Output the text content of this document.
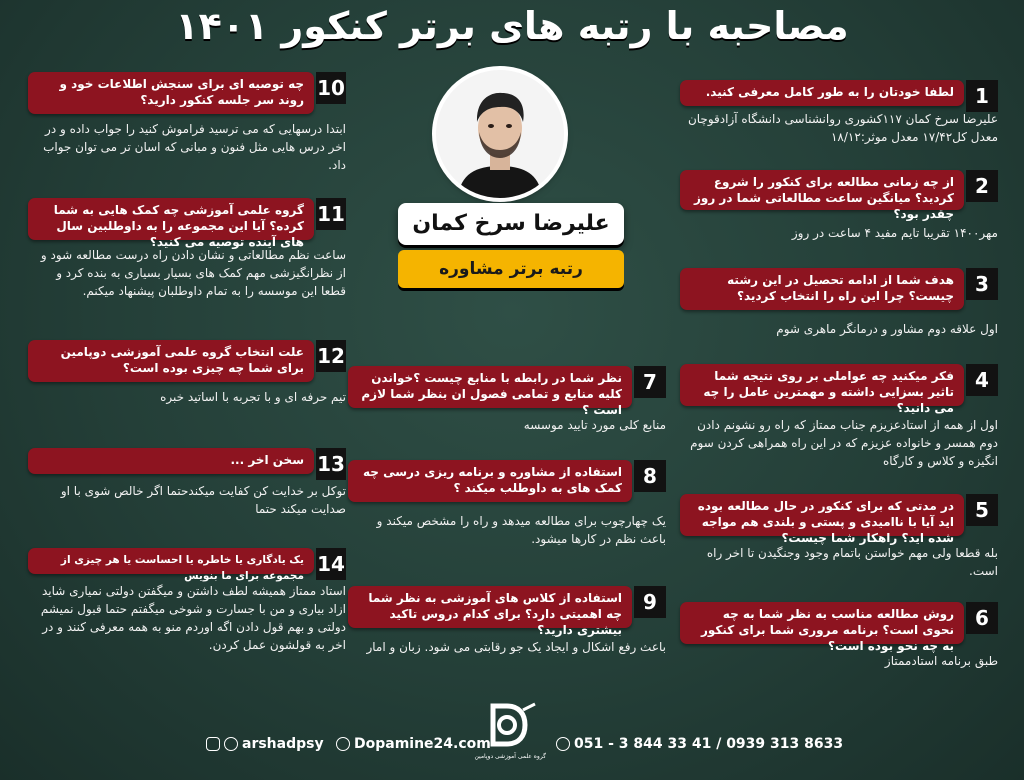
مصاحبه با رتبه های برتر کنکور ۱۴۰۱
1
لطفا خودتان را به طور کامل معرفی کنید.
علیرضا سرخ کمان ۱۱۷کشوری روانشناسی دانشگاه آزادقوچان معدل کل۱۷/۴۲ معدل موثر:۱۸/۱۲
2
از چه زمانی مطالعه برای کنکور را شروع کردید؟ میانگین ساعت مطالعاتی شما در روز چقدر بود؟
مهر۱۴۰۰ تقریبا تایم مفید ۴ ساعت در روز
3
هدف شما از ادامه تحصیل در این رشته چیست؟ چرا این راه را انتخاب کردید؟
اول علاقه دوم مشاور و درمانگر ماهری شوم
4
فکر میکنید چه عواملی بر روی نتیجه شما تاثیر بسزایی داشته و مهمترین عامل را چه می دانید؟
اول از همه از استادعزیزم جناب ممتاز که راه رو نشونم دادن دوم همسر و خانواده عزیزم که در این راه همراهی کردن سوم انگیزه و کلاس و کارگاه
5
در مدتی که برای کنکور در حال مطالعه بوده اید آیا با ناامیدی و پستی و بلندی هم مواجه شده اید؟ راهکار شما چیست؟
بله قطعا ولی مهم خواستن باتمام وجود وجنگیدن تا اخر راه است.
6
روش مطالعه مناسب به نظر شما به چه نحوی است؟ برنامه مروری شما برای کنکور به چه نحو بوده است؟
طبق برنامه استادممتاز
علیرضا سرخ کمان
رتبه برتر مشاوره
7
نظر شما در رابطه با منابع چیست ؟خواندن کلیه منابع و تمامی فصول ان بنظر شما لازم است ؟
منابع کلی مورد تایید موسسه
8
استفاده از مشاوره و برنامه ریزی درسی چه کمک های به داوطلب میکند ؟
یک چهارچوب برای مطالعه میدهد و راه را مشخص میکند و باعث نظم در کارها میشود.
9
استفاده از کلاس های آموزشی به نظر شما چه اهمیتی دارد؟ برای کدام دروس تاکید بیشتری دارید؟
باعث رفع اشکال و ایجاد یک جو رقابتی می شود. زبان و امار
10
چه توصیه ای برای سنجش اطلاعات خود و روند سر جلسه کنکور دارید؟
ابتدا درسهایی که می ترسید فراموش کنید را جواب داده و در اخر درس هایی مثل فنون و مبانی که اسان تر می توان جواب داد.
11
گروه علمی آموزشی چه کمک هایی به شما کرده؟ آیا این مجموعه را به داوطلبین سال های آینده توصیه می کنید؟
ساعت نظم مطالعاتی و نشان دادن راه درست مطالعه شود و از نظرانگیزشی مهم کمک های بسیار بسیاری به بنده کرد و قطعا این موسسه را به تمام داوطلبان پیشنهاد میکنم.
12
علت انتخاب گروه علمی آموزشی دوپامین برای شما چه چیزی بوده است؟
تیم حرفه ای و با تجربه با اساتید خبره
13
سخن اخر ...
توکل بر خدایت کن کفایت میکندحتما اگر خالص شوی با او صدایت میکند حتما
14
یک یادگاری یا خاطره یا احساست یا هر چیزی از مجموعه برای ما بنویس
استاد ممتاز همیشه لطف داشتن و میگفتن دولتی نمیاری شاید ازاد بیاری و من با جسارت و شوخی میگفتم حتما قبول نمیشم دولتی و بهم قول دادن اگه اوردم منو به همه معرفی کنند و در اخر به قولشون عمل کردن.
arshadpsy	Dopamine24.com
گروه علمی آموزشی دوپامین
051 - 3 844 33 41 / 0939 313 8633
